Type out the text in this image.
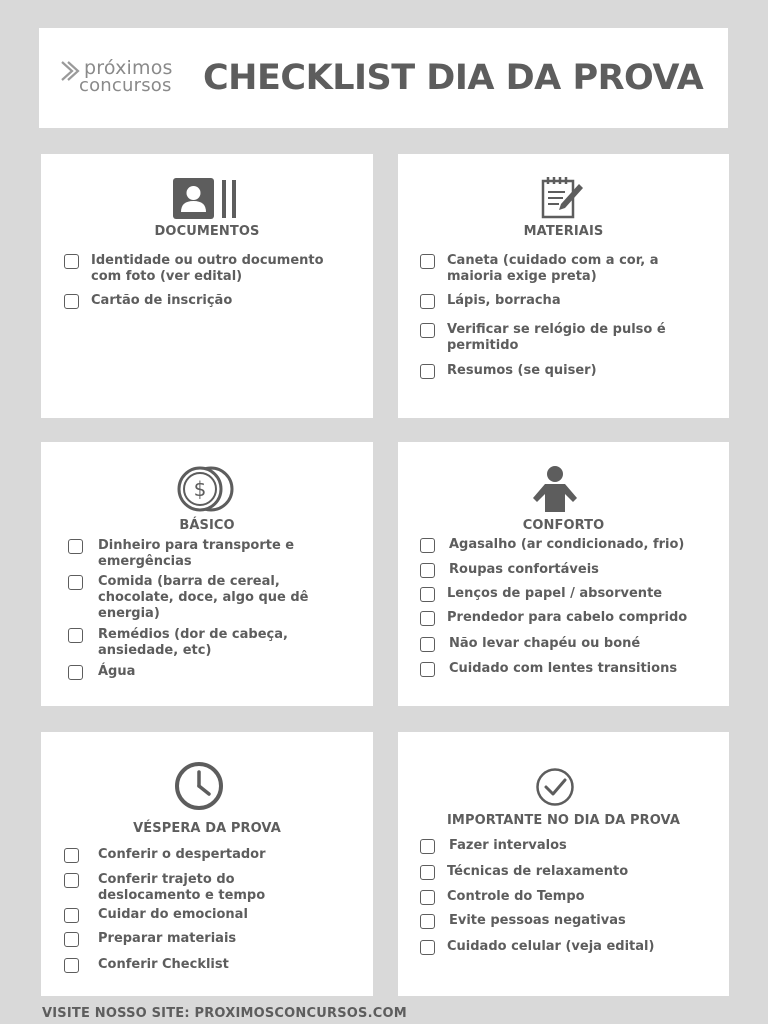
próximos
concursos CHECKLIST DIA DA PROVA
DOCUMENTOS
Identidade ou outro documento
com foto (ver edital)
Cartão de inscrição
MATERIAIS
Caneta (cuidado com a cor, a
maioria exige preta)
Lápis, borracha
Verificar se relógio de pulso é
permitido
Resumos (se quiser)
$
BÁSICO
Dinheiro para transporte e
emergências
Comida (barra de cereal,
chocolate, doce, algo que dê
energia)
Remédios (dor de cabeça,
ansiedade, etc)
Água
CONFORTO
Agasalho (ar condicionado, frio)
Roupas confortáveis
Lenços de papel / absorvente
Prendedor para cabelo comprido
Não levar chapéu ou boné
Cuidado com lentes transitions
VÉSPERA DA PROVA
Conferir o despertador
Conferir trajeto do
deslocamento e tempo
Cuidar do emocional
Preparar materiais
Conferir Checklist
IMPORTANTE NO DIA DA PROVA
Fazer intervalos
Técnicas de relaxamento
Controle do Tempo
Evite pessoas negativas
Cuidado celular (veja edital)
VISITE NOSSO SITE: PROXIMOSCONCURSOS.COM
